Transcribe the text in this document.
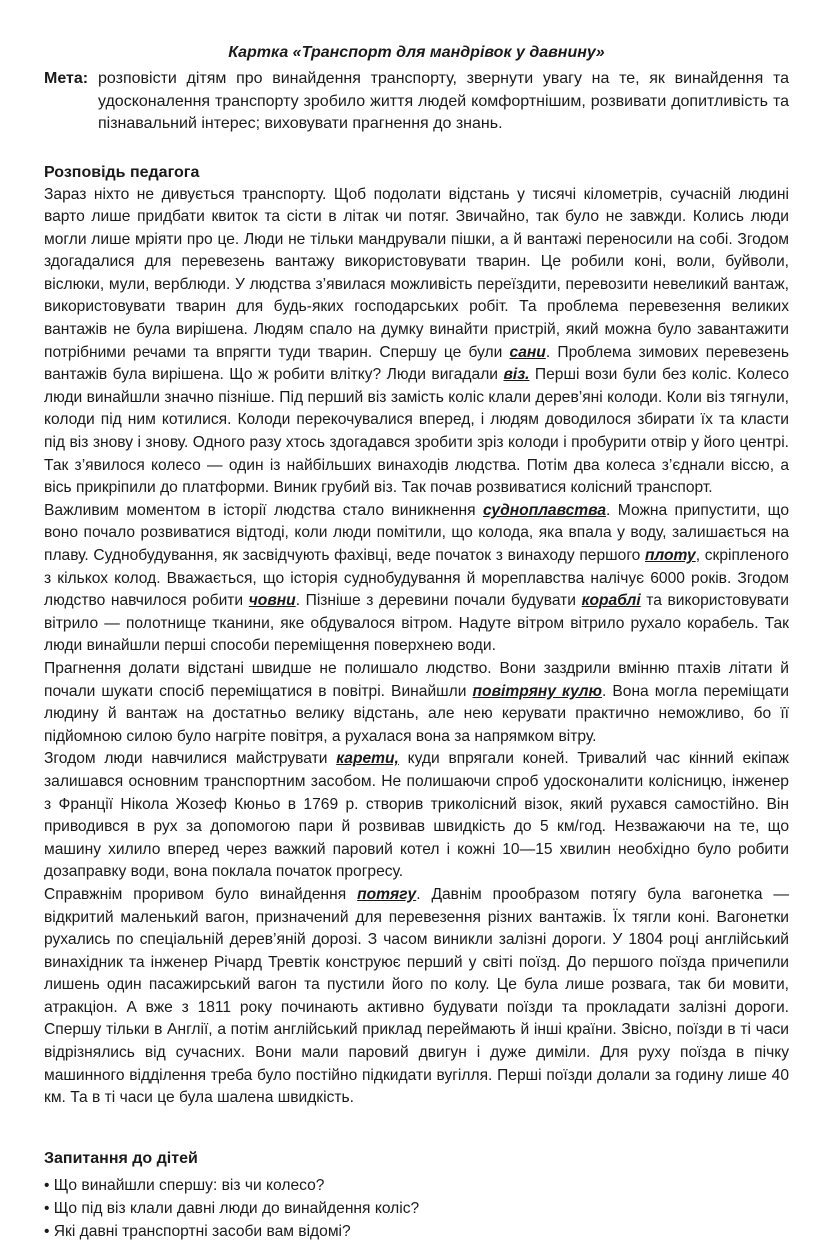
Картка «Транспорт для мандрівок у давнину»
Мета: розповісти дітям про винайдення транспорту, звернути увагу на те, як винайдення та удосконалення транспорту зробило життя людей комфортнішим, розвивати допитливість та пізнавальний інтерес; виховувати прагнення до знань.
Розповідь педагога

Зараз ніхто не дивується транспорту. Щоб подолати відстань у тисячі кілометрів, сучасній людині варто лише придбати квиток та сісти в літак чи потяг. Звичайно, так було не завжди. Колись люди могли лише мріяти про це. Люди не тільки мандрували пішки, а й вантажі переносили на собі. Згодом здогадалися для перевезень вантажу використовувати тварин. Це робили коні, воли, буйволи, віслюки, мули, верблюди. У людства з’явилася можливість переїздити, перевозити невеликий вантаж, використовувати тварин для будь-яких господарських робіт. Та проблема перевезення великих вантажів не була вирішена. Людям спало на думку винайти пристрій, який можна було завантажити потрібними речами та впрягти туди тварин. Спершу це були сани. Проблема зимових перевезень вантажів була вирішена. Що ж робити влітку? Люди вигадали віз. Перші вози були без коліс. Колесо люди винайшли значно пізніше. Під перший віз замість коліс клали дерев’яні колоди. Коли віз тягнули, колоди під ним котилися. Колоди перекочувалися вперед, і людям доводилося збирати їх та класти під віз знову і знову. Одного разу хтось здогадався зробити зріз колоди і пробурити отвір у його центрі. Так з’явилося колесо — один із найбільших винаходів людства. Потім два колеса з’єднали віссю, а вісь прикріпили до платформи. Виник грубий віз. Так почав розвиватися колісний транспорт.

Важливим моментом в історії людства стало виникнення судноплавства. Можна припустити, що воно почало розвиватися відтоді, коли люди помітили, що колода, яка впала у воду, залишається на плаву. Суднобудування, як засвідчують фахівці, веде початок з винаходу першого плоту, скріпленого з кількох колод. Вважається, що історія суднобудування й мореплавства налічує 6000 років. Згодом людство навчилося робити човни. Пізніше з деревини почали будувати кораблі та використовувати вітрило — полотнище тканини, яке обдувалося вітром. Надуте вітром вітрило рухало корабель. Так люди винайшли перші способи переміщення поверхнею води.

Прагнення долати відстані швидше не полишало людство. Вони заздрили вмінню птахів літати й почали шукати спосіб переміщатися в повітрі. Винайшли повітряну кулю. Вона могла переміщати людину й вантаж на достатньо велику відстань, але нею керувати практично неможливо, бо її підйомною силою було нагріте повітря, а рухалася вона за напрямком вітру.

Згодом люди навчилися майструвати карети, куди впрягали коней. Тривалий час кінний екіпаж залишався основним транспортним засобом. Не полишаючи спроб удосконалити колісницю, інженер з Франції Нікола Жозеф Кюньо в 1769 р. створив триколісний візок, який рухався самостійно. Він приводився в рух за допомогою пари й розвивав швидкість до 5 км/год. Незважаючи на те, що машину хилило вперед через важкий паровий котел і кожні 10—15 хвилин необхідно було робити дозаправку води, вона поклала початок прогресу.

Справжнім проривом було винайдення потягу. Давнім прообразом потягу була вагонетка — відкритий маленький вагон, призначений для перевезення різних вантажів. Їх тягли коні. Вагонетки рухались по спеціальній дерев’яній дорозі. З часом виникли залізні дороги. У 1804 році англійський винахідник та інженер Річард Тревтік конструює перший у світі поїзд. До першого поїзда причепили лишень один пасажирський вагон та пустили його по колу. Це була лише розвага, так би мовити, атракціон. А вже з 1811 року починають активно будувати поїзди та прокладати залізні дороги. Спершу тільки в Англії, а потім англійський приклад переймають й інші країни. Звісно, поїзди в ті часи відрізнялись від сучасних. Вони мали паровий двигун і дуже диміли. Для руху поїзда в пічку машинного відділення треба було постійно підкидати вугілля. Перші поїзди долали за годину лише 40 км. Та в ті часи це була шалена швидкість.

Запитання до дітей
• Що винайшли спершу: віз чи колесо?
• Що під віз клали давні люди до винайдення коліс?
• Які давні транспортні засоби вам відомі?
